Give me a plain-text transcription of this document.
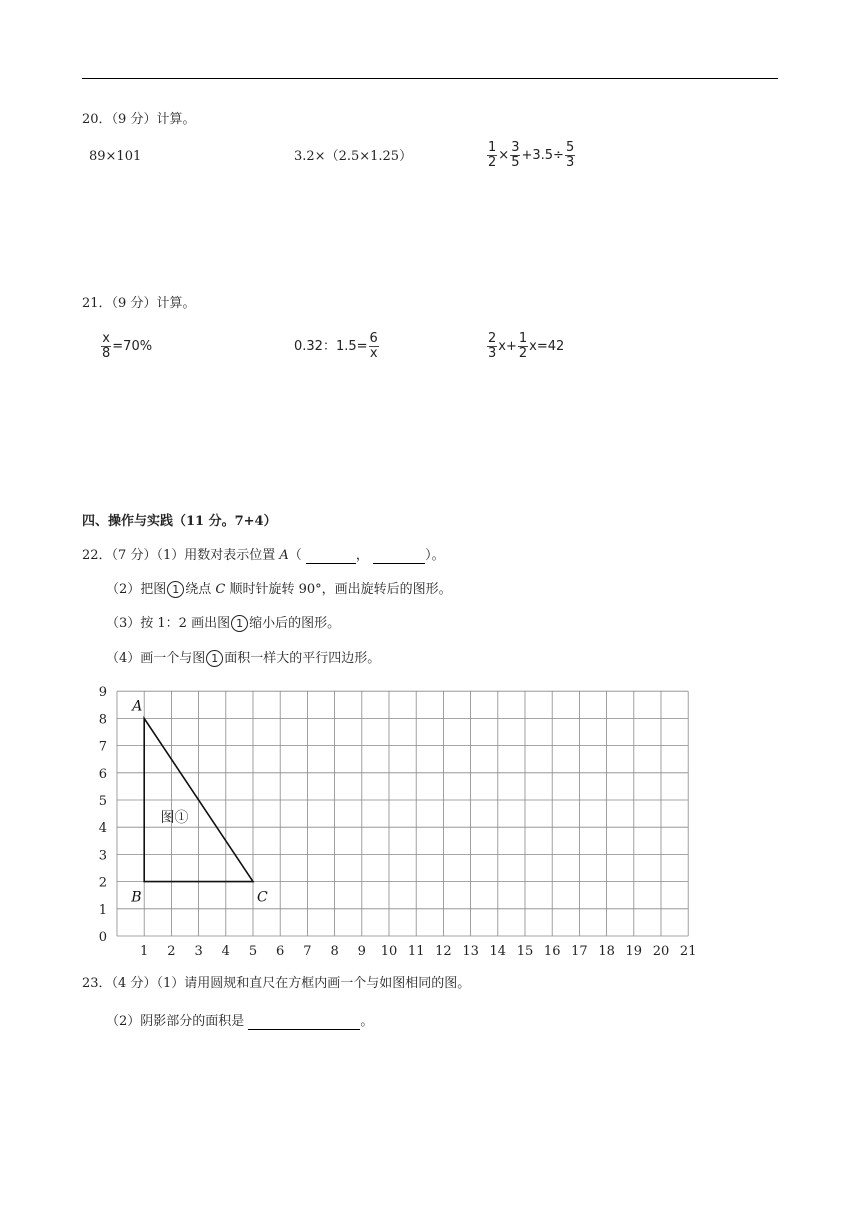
20．（9 分）计算。
89×101	3.2×（2.5×1.25）	$\frac{1}{2} \times \frac{3}{5} +3.5\div \frac{5}{3}$
21．（9 分）计算。
$\frac{x}{8} =70\%$	0.32：$1.5= \frac{6}{x}$	$\frac{2}{3} x+ \frac{1}{2} x=42$
四、操作与实践（11 分。7+4）
22．（7 分）（1）用数对表示位置 A（	，	）。
（2）把图 1 绕点 C 顺时针旋转 90°，画出旋转后的图形。
（3）按 1：2 画出图 1 缩小后的图形。
（4）画一个与图 1 面积一样大的平行四边形。
1 2 3 4 5 6 7 8 9 10 11 12 13 14 15 16 17 18 19 20 21
0
1
2
3
4
5
6
7
8
9
A
B	C
图①
23．（4 分）（1）请用圆规和直尺在方框内画一个与如图相同的图。
（2）阴影部分的面积是	。
